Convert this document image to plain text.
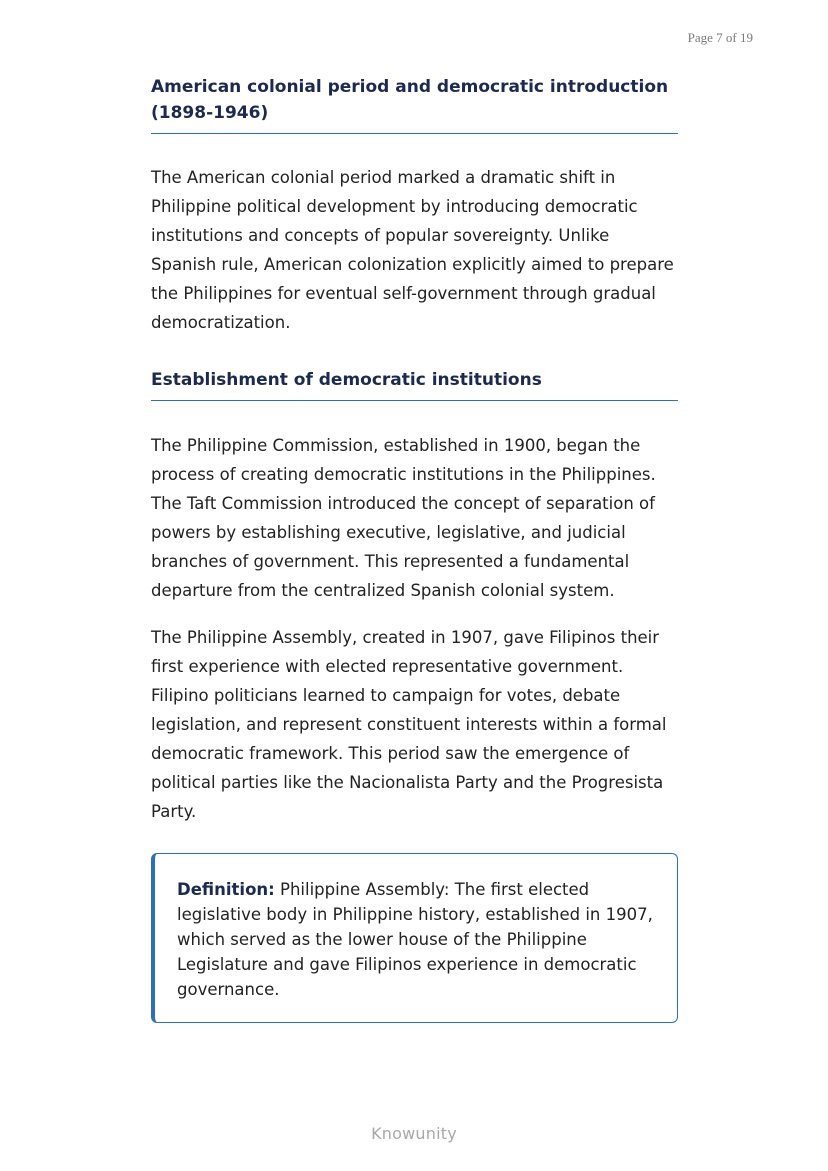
Page 7 of 19
American colonial period and democratic introduction (1898-1946)

The American colonial period marked a dramatic shift in Philippine political development by introducing democratic institutions and concepts of popular sovereignty. Unlike Spanish rule, American colonization explicitly aimed to prepare the Philippines for eventual self-government through gradual democratization.

Establishment of democratic institutions

The Philippine Commission, established in 1900, began the process of creating democratic institutions in the Philippines. The Taft Commission introduced the concept of separation of powers by establishing executive, legislative, and judicial branches of government. This represented a fundamental departure from the centralized Spanish colonial system.

The Philippine Assembly, created in 1907, gave Filipinos their first experience with elected representative government. Filipino politicians learned to campaign for votes, debate legislation, and represent constituent interests within a formal democratic framework. This period saw the emergence of political parties like the Nacionalista Party and the Progresista Party.

Definition: Philippine Assembly: The first elected legislative body in Philippine history, established in 1907, which served as the lower house of the Philippine Legislature and gave Filipinos experience in democratic governance.

Knowunity
